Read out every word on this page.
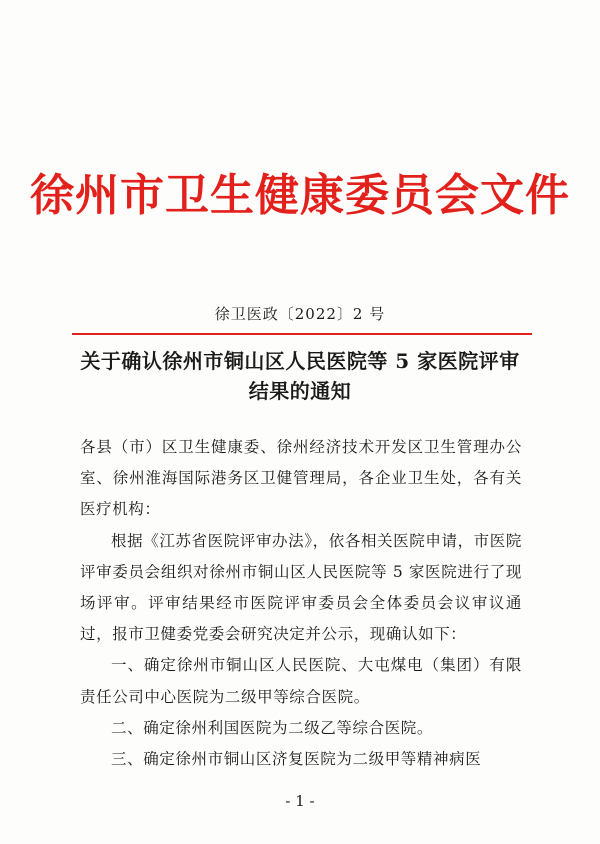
徐州市卫生健康委员会文件
徐卫医政〔2022〕2 号
关于确认徐州市铜山区人民医院等 5 家医院评审结果的通知

各县（市）区卫生健康委、徐州经济技术开发区卫生管理办公室、徐州淮海国际港务区卫健管理局，各企业卫生处，各有关医疗机构：

根据《江苏省医院评审办法》，依各相关医院申请，市医院评审委员会组织对徐州市铜山区人民医院等 5 家医院进行了现场评审。评审结果经市医院评审委员会全体委员会议审议通过，报市卫健委党委会研究决定并公示，现确认如下：

一、确定徐州市铜山区人民医院、大屯煤电（集团）有限责任公司中心医院为二级甲等综合医院。

二、确定徐州利国医院为二级乙等综合医院。

三、确定徐州市铜山区济复医院为二级甲等精神病医

- 1 -
